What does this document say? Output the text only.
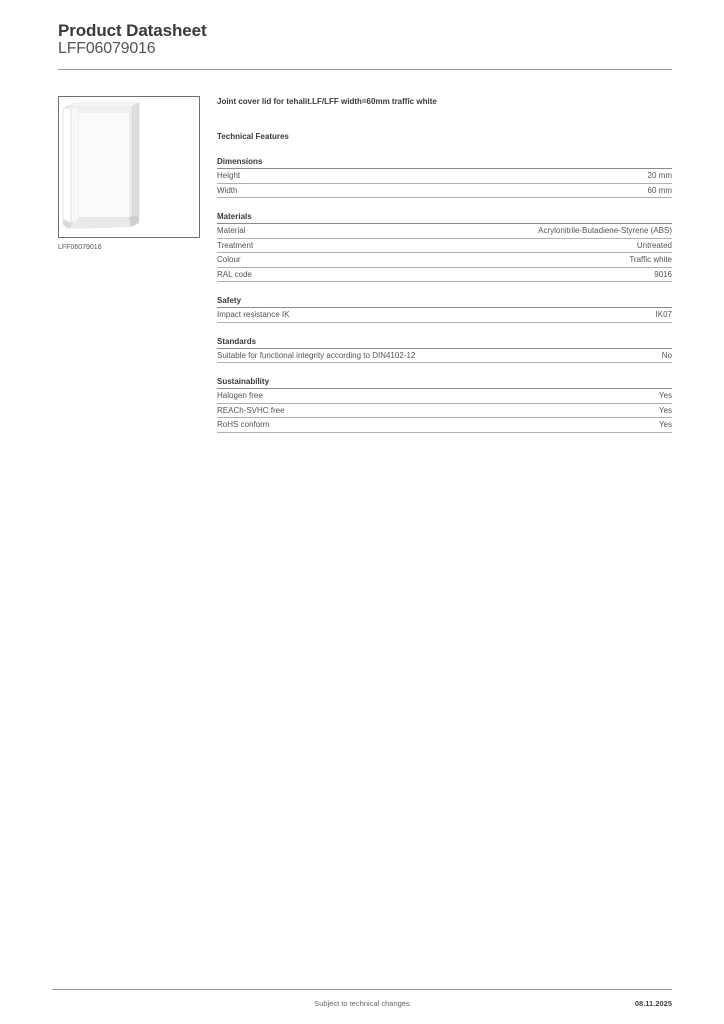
Product Datasheet
LFF06079016
LFF06079016
Joint cover lid for tehalit.LF/LFF width=60mm traffic white
Technical Features
Dimensions
Height	20 mm
Width	60 mm
Materials
Material	Acrylonitrile-Butadiene-Styrene (ABS)
Treatment	Untreated
Colour	Traffic white
RAL code	9016
Safety
Impact resistance IK	IK07
Standards
Suitable for functional integrity according to DIN4102-12	No
Sustainability
Halogen free	Yes
REACh-SVHC free	Yes
RoHS conform	Yes
Subject to technical changes	08.11.2025
